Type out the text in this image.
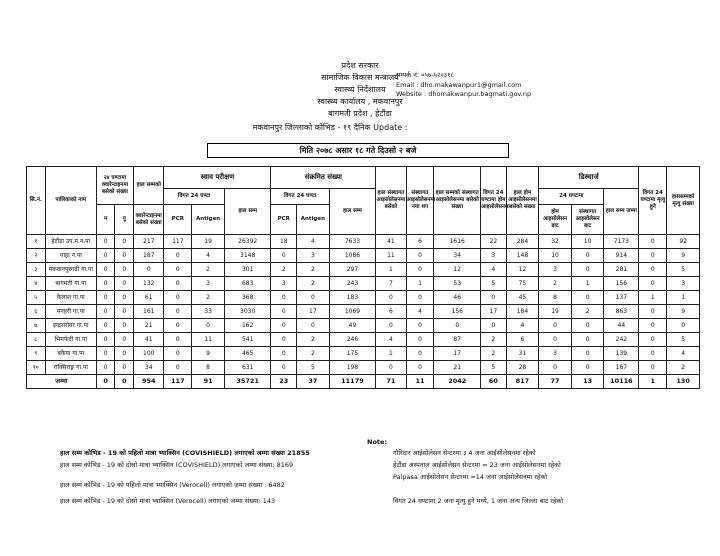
प्रदेश सरकार
सामाजिक विकास मन्त्रालय
स्वास्थ्य निर्देशालय
स्वास्थ्य कार्यालय , मकवानपुर
बागमती प्रदेश , हेटौंडा
मकवानपुर जिल्लाको कोभिड - १९ दैनिक Update :
सम्पर्क नं: ०५७-५२०३१८
Email : dho.makawanpur1@gmail.com
Website : dhomakwanpur.bagmati.gov.np
मिति २०७८ असार १८ गते दिउसो २ बजे
सि.नं.	पालिकाको नाम	२४ घण्टामा क्वारेन्टाइनमा बसेको संख्या		हाल सम्मको	स्वाव परीक्षण			संक्रमित संख्या			हाल संस्थागत आइसोलेसनमा बसेको	संस्थागत आइसोलेसनमा नया थप	हाल सम्मको संस्थागत आइसोलेसनमा बसेको संख्या	विगत 24 घण्टामा होम आइसोलेसनमा	हाल होम आइसोलेसनमा बसेको संख्या	डिस्चार्ज			विगत 24 घण्टामा मृत्यु हुने	हाससम्मको मृत्यु संख्या
					विगत 24 घण्टा		हाल सम्म	विगत 24 घण्टा		हाल सम्म						24 घण्टामा		हाल सम्म जम्मा		
		म	पु	क्वारेन्टाइनमा बसेको संख्या	PCR	Antigen		PCR	Antigen							होम आइसोलेसन बाट	संस्थागत आइसोलेसन बाट			

१	हेटौंडा उप.म.न.पा	0	0	217	117	19	26392	18	4	7633	41	6	1616	22	284	32	10	7173	0	92
२	थाहा न.पा	0	0	187	0	4	3148	0	3	1086	11	0	34	3	148	10	0	914	0	9
३	मकवानपुरगढी गा.पा	0	0	0	0	2	301	2	2	297	1	0	12	4	12	3	0	281	0	5
४	बागमती गा.पा	0	0	132	0	3	683	3	2	243	7	1	53	5	75	2	1	156	0	3
५	कैलाश गा.पा	0	0	61	0	2	368	0	0	183	0	0	46	0	45	8	0	137	1	1
६	मनहरी गा.पा	0	0	161	0	33	3030	0	17	1069	6	4	156	17	184	19	2	863	0	9
७	इन्द्रसरोवर गा.पा	0	0	21	0	0	162	0	0	49	0	0	0	0	4	0	0	44	0	0
८	भिमफेदी गा.पा	0	0	41	0	11	541	0	2	246	4	0	87	2	6	0	0	242	0	5
९	बकैया गा.पा	0	0	100	0	9	465	0	2	175	1	0	17	2	31	3	0	139	0	4
१०	राक्सिराङ्ग गा.पा	0	0	34	0	8	631	0	5	198	0	0	21	5	28	0	0	167	0	2
जम्मा		0	0	954	117	91	35721	23	37	11179	71	11	2042	60	817	77	13	10116	1	130
Note:
हाल सम्म कोभिड - 19 को पहिलो मात्रा भ्याक्सिन (COVISHIELD) लगाएको जम्मा संख्या 21855
हाल सम्म कोभिड - 19 को दोस्रो मात्रा भ्याक्सिन (COVISHIELD) लगाएको जम्मा संख्या: 8169
हाल सम्म कोभिड - 19 को पहिलो मात्रा भ्याक्सिन (Verocell) लगाएको जम्मा संख्या : 6482
हाल सम्म कोभिड - 19 को दोस्रो मात्रा भ्याक्सिन (Verocell) लगाएको जम्मा संख्या: 143
गौरिदार आईसोलेसन सेन्टरमा ३ 4 जना आईसोलेसनमा रहेको
हेटौंडा अस्पताल आईसोलेसन सेन्टरमा = 23 जना आईसोलेसनमा रहेको
Palpasa आईसोलेसन सेन्टरमा =14 जना आईसोलेसनमा रहेको
विगत 24 घण्टामा 2 जना मृत्यु हुने मध्ये, 1 जना अन्य जिल्ला बाट रहेको
